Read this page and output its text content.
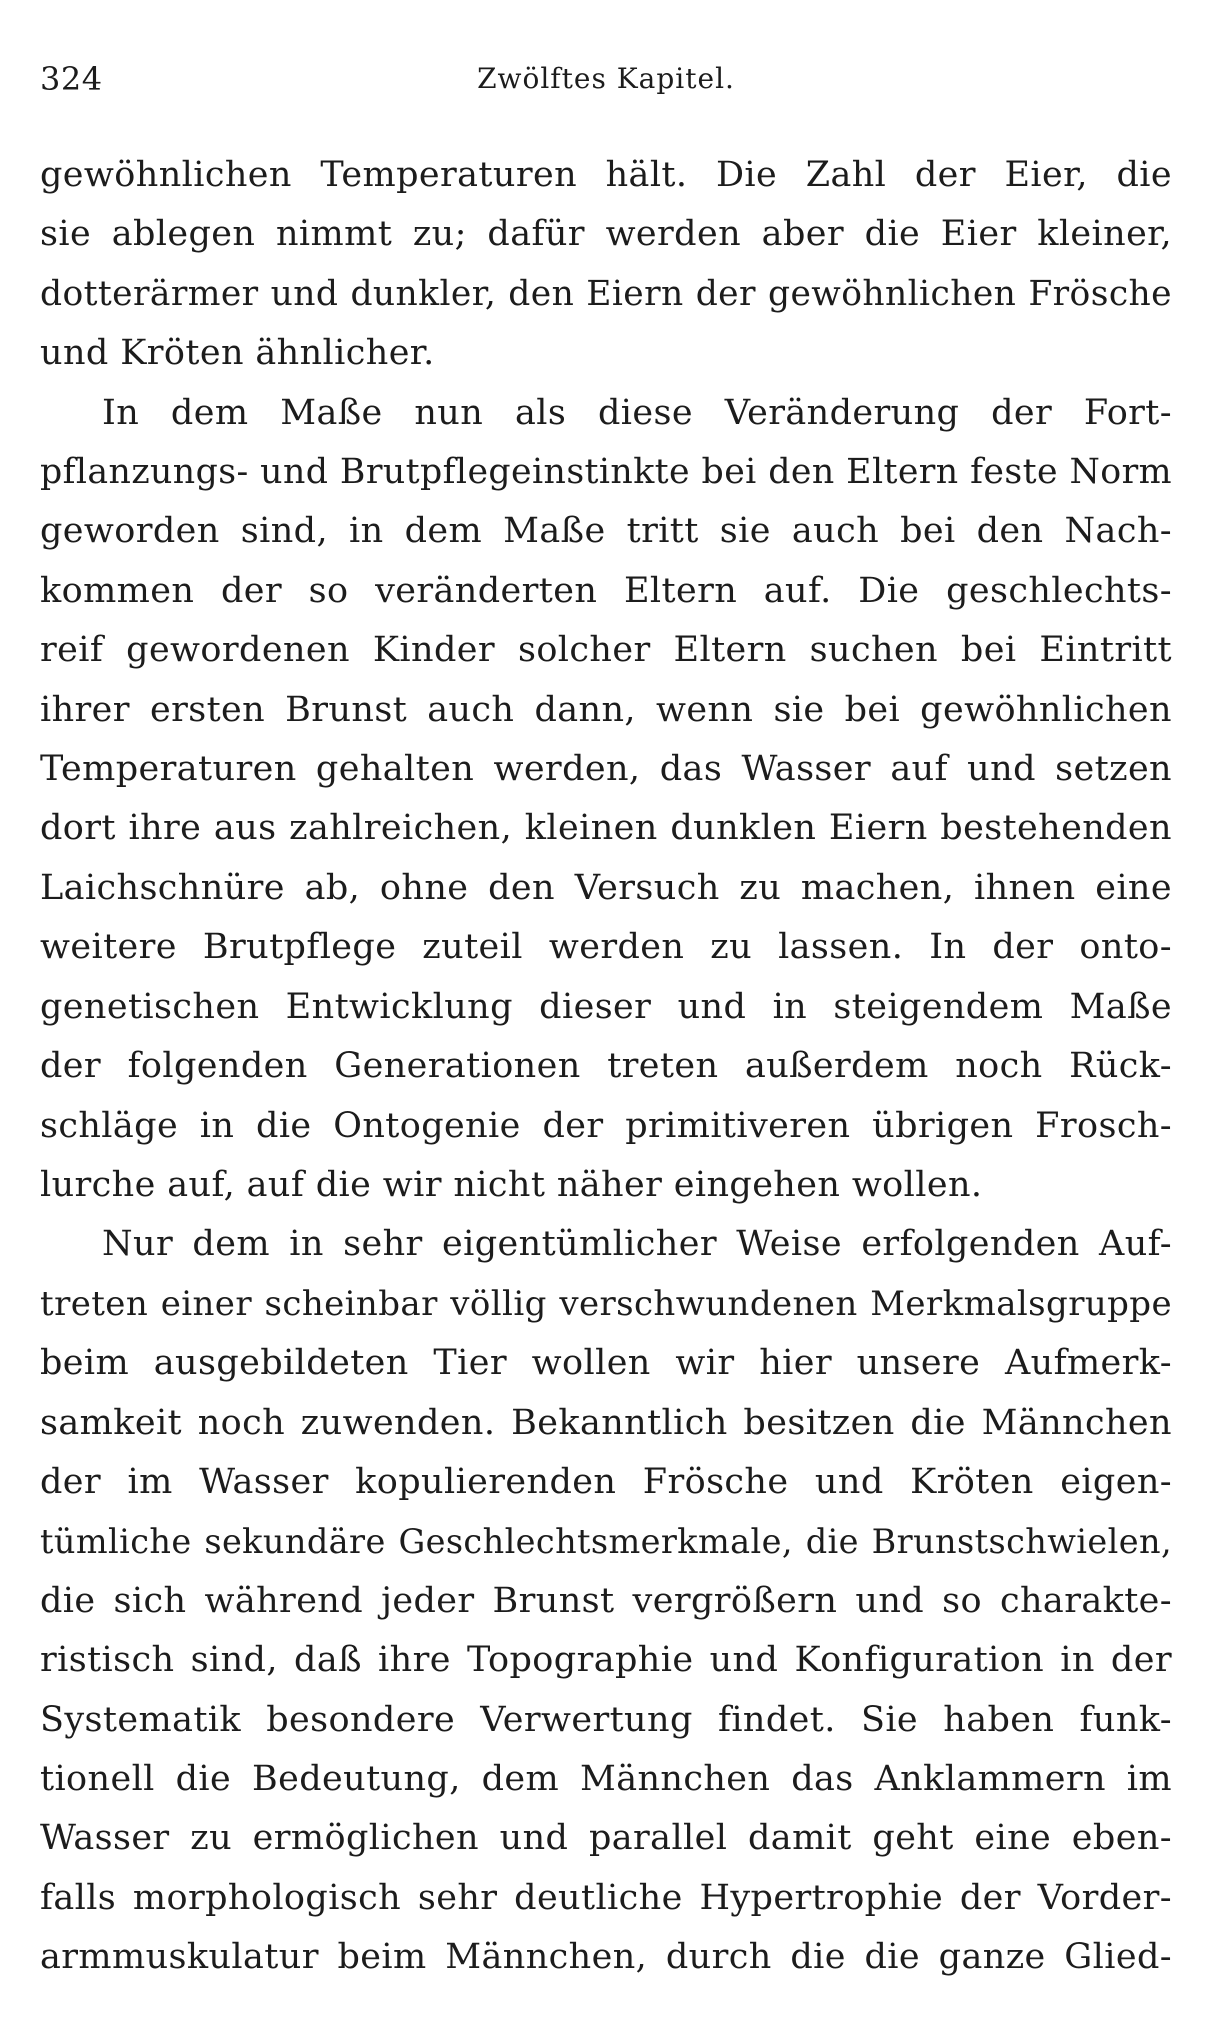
324	Zwölftes Kapitel.
gewöhnlichen Temperaturen hält. Die Zahl der Eier, die
sie ablegen nimmt zu; dafür werden aber die Eier kleiner,
dotterärmer und dunkler, den Eiern der gewöhnlichen Frösche
und Kröten ähnlicher.
In dem Maße nun als diese Veränderung der Fort-
pflanzungs- und Brutpflegeinstinkte bei den Eltern feste Norm
geworden sind, in dem Maße tritt sie auch bei den Nach-
kommen der so veränderten Eltern auf. Die geschlechts-
reif gewordenen Kinder solcher Eltern suchen bei Eintritt
ihrer ersten Brunst auch dann, wenn sie bei gewöhnlichen
Temperaturen gehalten werden, das Wasser auf und setzen
dort ihre aus zahlreichen, kleinen dunklen Eiern bestehenden
Laichschnüre ab, ohne den Versuch zu machen, ihnen eine
weitere Brutpflege zuteil werden zu lassen. In der onto-
genetischen Entwicklung dieser und in steigendem Maße
der folgenden Generationen treten außerdem noch Rück-
schläge in die Ontogenie der primitiveren übrigen Frosch-
lurche auf, auf die wir nicht näher eingehen wollen.
Nur dem in sehr eigentümlicher Weise erfolgenden Auf-
treten einer scheinbar völlig verschwundenen Merkmalsgruppe
beim ausgebildeten Tier wollen wir hier unsere Aufmerk-
samkeit noch zuwenden. Bekanntlich besitzen die Männchen
der im Wasser kopulierenden Frösche und Kröten eigen-
tümliche sekundäre Geschlechtsmerkmale, die Brunstschwielen,
die sich während jeder Brunst vergrößern und so charakte-
ristisch sind, daß ihre Topographie und Konfiguration in der
Systematik besondere Verwertung findet. Sie haben funk-
tionell die Bedeutung, dem Männchen das Anklammern im
Wasser zu ermöglichen und parallel damit geht eine eben-
falls morphologisch sehr deutliche Hypertrophie der Vorder-
armmuskulatur beim Männchen, durch die die ganze Glied-
